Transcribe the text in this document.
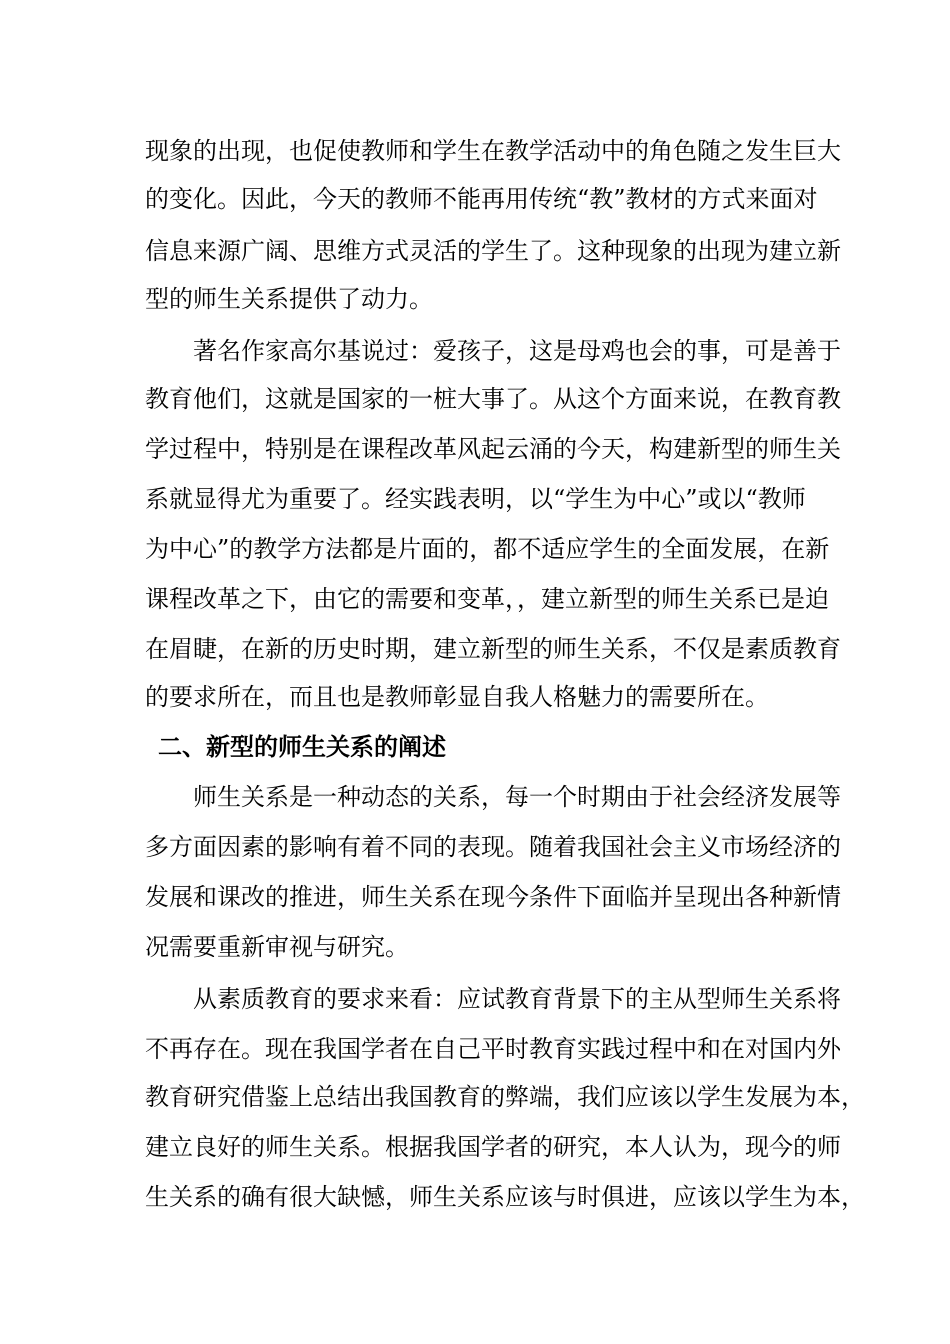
现象的出现，也促使教师和学生在教学活动中的角色随之发生巨大
的变化。因此，今天的教师不能再用传统“教”教材的方式来面对
信息来源广阔、思维方式灵活的学生了。这种现象的出现为建立新
型的师生关系提供了动力。
　　著名作家高尔基说过：爱孩子，这是母鸡也会的事，可是善于
教育他们，这就是国家的一桩大事了。从这个方面来说，在教育教
学过程中，特别是在课程改革风起云涌的今天，构建新型的师生关
系就显得尤为重要了。经实践表明，以“学生为中心”或以“教师
为中心”的教学方法都是片面的，都不适应学生的全面发展，在新
课程改革之下，由它的需要和变革，，建立新型的师生关系已是迫
在眉睫，在新的历史时期，建立新型的师生关系，不仅是素质教育
的要求所在，而且也是教师彰显自我人格魅力的需要所在。
二、新型的师生关系的阐述
　　师生关系是一种动态的关系，每一个时期由于社会经济发展等
多方面因素的影响有着不同的表现。随着我国社会主义市场经济的
发展和课改的推进，师生关系在现今条件下面临并呈现出各种新情
况需要重新审视与研究。
　　从素质教育的要求来看：应试教育背景下的主从型师生关系将
不再存在。现在我国学者在自己平时教育实践过程中和在对国内外
教育研究借鉴上总结出我国教育的弊端，我们应该以学生发展为本，
建立良好的师生关系。根据我国学者的研究，本人认为，现今的师
生关系的确有很大缺憾，师生关系应该与时俱进，应该以学生为本，
